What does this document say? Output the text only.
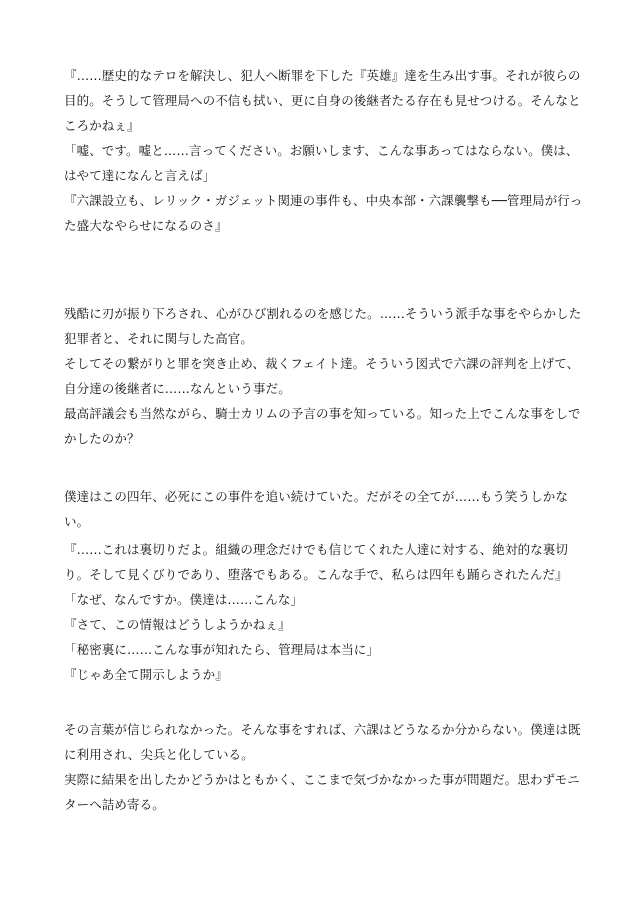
『……歴史的なテロを解決し、犯人へ断罪を下した『英雄』達を生み出す事。それが彼らの目的。そうして管理局への不信も拭い、更に自身の後継者たる存在も見せつける。そんなところかねぇ』

「嘘、です。嘘と……言ってください。お願いします、こんな事あってはならない。僕は、はやて達になんと言えば」

『六課設立も、レリック・ガジェット関連の事件も、中央本部・六課襲撃も──管理局が行った盛大なやらせになるのさ』

残酷に刃が振り下ろされ、心がひび割れるのを感じた。……そういう派手な事をやらかした犯罪者と、それに関与した高官。

そしてその繋がりと罪を突き止め、裁くフェイト達。そういう図式で六課の評判を上げて、自分達の後継者に……なんという事だ。

最高評議会も当然ながら、騎士カリムの予言の事を知っている。知った上でこんな事をしでかしたのか？

僕達はこの四年、必死にこの事件を追い続けていた。だがその全てが……もう笑うしかない。

『……これは裏切りだよ。組織の理念だけでも信じてくれた人達に対する、絶対的な裏切り。そして見くびりであり、堕落でもある。こんな手で、私らは四年も踊らされたんだ』

「なぜ、なんですか。僕達は……こんな」

『さて、この情報はどうしようかねぇ』

「秘密裏に……こんな事が知れたら、管理局は本当に」

『じゃあ全て開示しようか』

その言葉が信じられなかった。そんな事をすれば、六課はどうなるか分からない。僕達は既に利用され、尖兵と化している。

実際に結果を出したかどうかはともかく、ここまで気づかなかった事が問題だ。思わずモニターへ詰め寄る。
